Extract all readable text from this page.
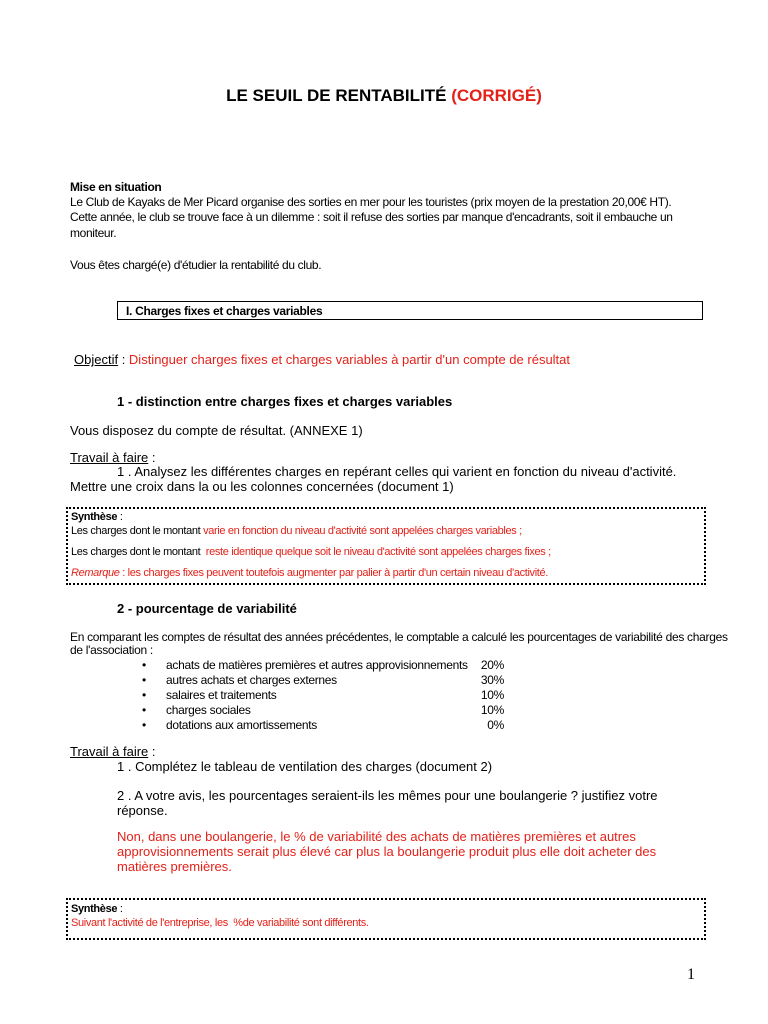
LE SEUIL DE RENTABILITÉ (CORRIGÉ)
Mise en situation
Le Club de Kayaks de Mer Picard organise des sorties en mer pour les touristes (prix moyen de la prestation 20,00€ HT).
Cette année, le club se trouve face à un dilemme : soit il refuse des sorties par manque d'encadrants, soit il embauche un
moniteur.
Vous êtes chargé(e) d'étudier la rentabilité du club.
I. Charges fixes et charges variables
Objectif : Distinguer charges fixes et charges variables à partir d'un compte de résultat
1 - distinction entre charges fixes et charges variables
Vous disposez du compte de résultat. (ANNEXE 1)
Travail à faire :
1 . Analysez les différentes charges en repérant celles qui varient en fonction du niveau d'activité.
Mettre une croix dans la ou les colonnes concernées (document 1)
Synthèse :
Les charges dont le montant varie en fonction du niveau d'activité sont appelées charges variables ;
Les charges dont le montant  reste identique quelque soit le niveau d'activité sont appelées charges fixes ;
Remarque : les charges fixes peuvent toutefois augmenter par palier à partir d'un certain niveau d'activité.
2 - pourcentage de variabilité
En comparant les comptes de résultat des années précédentes, le comptable a calculé les pourcentages de variabilité des charges
de l'association :
• achats de matières premières et autres approvisionnements 20%
• autres achats et charges externes	30%
• salaires et traitements	10%
• charges sociales	10%
• dotations aux amortissements	0%
Travail à faire :
1 . Complétez le tableau de ventilation des charges (document 2)
2 . A votre avis, les pourcentages seraient-ils les mêmes pour une boulangerie ? justifiez votre
réponse.
Non, dans une boulangerie, le % de variabilité des achats de matières premières et autres
approvisionnements serait plus élevé car plus la boulangerie produit plus elle doit acheter des
matières premières.
Synthèse :
Suivant l'activité de l'entreprise, les  %de variabilité sont différents.
1
